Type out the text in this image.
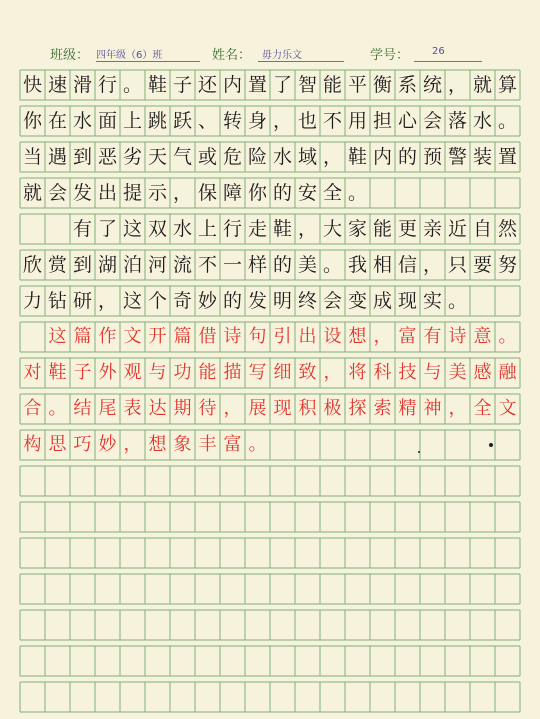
班级： 四年级（6）班	姓名： 毋力乐文	学号： 26
快 速 滑 行 。 鞋 子 还 内 置 了 智 能 平 衡 系 统 ， 就 算
你 在 水 面 上 跳 跃 、 转 身 ， 也 不 用 担 心 会 落 水 。
当 遇 到 恶 劣 天 气 或 危 险 水 域 ， 鞋 内 的 预 警 装 置
就 会 发 出 提 示 ， 保 障 你 的 安 全 。

有 了 这 双 水 上 行 走 鞋 ， 大 家 能 更 亲 近 自 然
欣 赏 到 湖 泊 河 流 不 一 样 的 美 。 我 相 信 ， 只 要 努
力 钻 研 ， 这 个 奇 妙 的 发 明 终 会 变 成 现 实 。

这 篇 作 文 开 篇 借 诗 句 引 出 设 想 ， 富 有 诗 意 。
对 鞋 子 外 观 与 功 能 描 写 细 致 ， 将 科 技 与 美 感 融
合 。 结 尾 表 达 期 待 ， 展 现 积 极 探 索 精 神 ， 全 文
构 思 巧 妙 ， 想 象 丰 富 。
